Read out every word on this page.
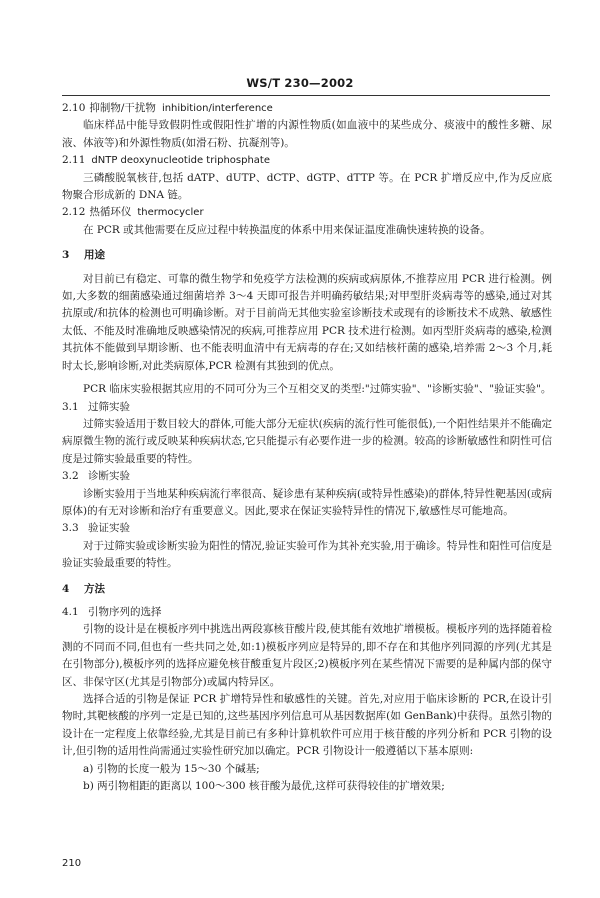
WS/T 230—2002

2.10 抑制物/干扰物 inhibition/interference

临床样品中能导致假阴性或假阳性扩增的内源性物质(如血液中的某些成分、痰液中的酸性多糖、尿液、体液等)和外源性物质(如滑石粉、抗凝剂等)。

2.11 dNTP deoxynucleotide triphosphate

三磷酸脱氧核苷,包括 dATP、dUTP、dCTP、dGTP、dTTP 等。在 PCR 扩增反应中,作为反应底物聚合形成新的 DNA 链。

2.12 热循环仪 thermocycler

在 PCR 或其他需要在反应过程中转换温度的体系中用来保证温度准确快速转换的设备。

3 用途

对目前已有稳定、可靠的微生物学和免疫学方法检测的疾病或病原体,不推荐应用 PCR 进行检测。例如,大多数的细菌感染通过细菌培养 3～4 天即可报告并明确药敏结果;对甲型肝炎病毒等的感染,通过对其抗原或/和抗体的检测也可明确诊断。对于目前尚无其他实验室诊断技术或现有的诊断技术不成熟、敏感性太低、不能及时准确地反映感染情况的疾病,可推荐应用 PCR 技术进行检测。如丙型肝炎病毒的感染,检测其抗体不能做到早期诊断、也不能表明血清中有无病毒的存在;又如结核杆菌的感染,培养需 2～3 个月,耗时太长,影响诊断,对此类病原体,PCR 检测有其独到的优点。

PCR 临床实验根据其应用的不同可分为三个互相交叉的类型:"过筛实验"、"诊断实验"、"验证实验"。

3.1 过筛实验

过筛实验适用于数目较大的群体,可能大部分无症状(疾病的流行性可能很低),一个阳性结果并不能确定病原微生物的流行或反映某种疾病状态,它只能提示有必要作进一步的检测。较高的诊断敏感性和阴性可信度是过筛实验最重要的特性。

3.2 诊断实验

诊断实验用于当地某种疾病流行率很高、疑诊患有某种疾病(或特异性感染)的群体,特异性靶基因(或病原体)的有无对诊断和治疗有重要意义。因此,要求在保证实验特异性的情况下,敏感性尽可能地高。

3.3 验证实验

对于过筛实验或诊断实验为阳性的情况,验证实验可作为其补充实验,用于确诊。特异性和阳性可信度是验证实验最重要的特性。

4 方法

4.1 引物序列的选择

引物的设计是在模板序列中挑选出两段寡核苷酸片段,使其能有效地扩增模板。模板序列的选择随着检测的不同而不同,但也有一些共同之处,如:1)模板序列应是特异的,即不存在和其他序列同源的序列(尤其是在引物部分),模板序列的选择应避免核苷酸重复片段区;2)模板序列在某些情况下需要的是种属内部的保守区、非保守区(尤其是引物部分)或属内特异区。

选择合适的引物是保证 PCR 扩增特异性和敏感性的关键。首先,对应用于临床诊断的 PCR,在设计引物时,其靶核酸的序列一定是已知的,这些基因序列信息可从基因数据库(如 GenBank)中获得。虽然引物的设计在一定程度上依靠经验,尤其是目前已有多种计算机软件可应用于核苷酸的序列分析和 PCR 引物的设计,但引物的适用性尚需通过实验性研究加以确定。PCR 引物设计一般遵循以下基本原则:

a) 引物的长度一般为 15～30 个碱基;

b) 两引物相距的距离以 100～300 核苷酸为最优,这样可获得较佳的扩增效果;

210
